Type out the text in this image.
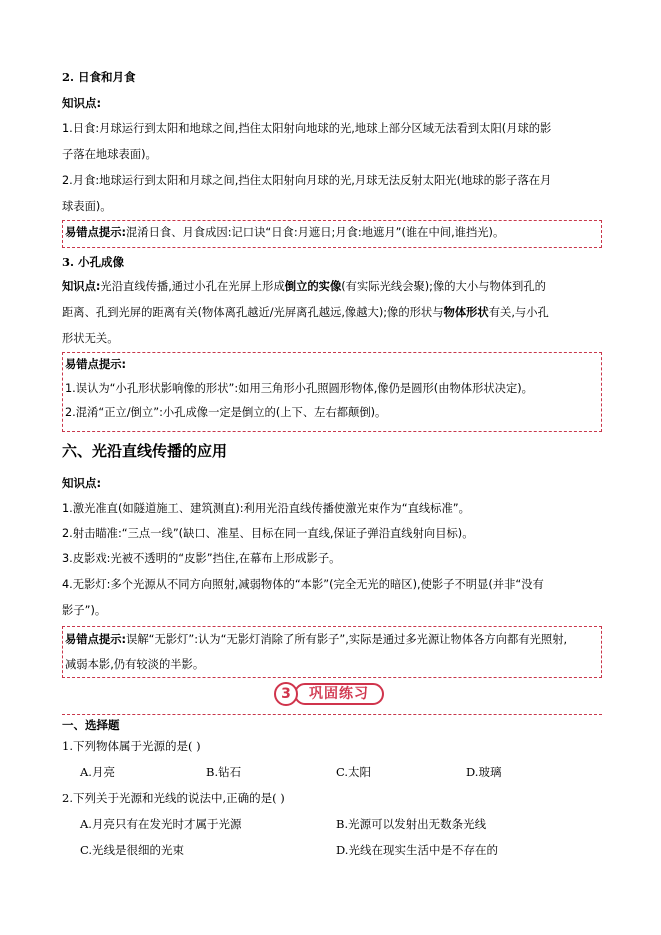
2. 日食和月食
知识点:
1.日食:月球运行到太阳和地球之间,挡住太阳射向地球的光,地球上部分区域无法看到太阳(月球的影
子落在地球表面)。
2.月食:地球运行到太阳和月球之间,挡住太阳射向月球的光,月球无法反射太阳光(地球的影子落在月
球表面)。
易错点提示:混淆日食、月食成因:记口诀“日食:月遮日;月食:地遮月”(谁在中间,谁挡光)。
3. 小孔成像
知识点:光沿直线传播,通过小孔在光屏上形成倒立的实像(有实际光线会聚);像的大小与物体到孔的
距离、孔到光屏的距离有关(物体离孔越近/光屏离孔越远,像越大);像的形状与物体形状有关,与小孔
形状无关。
易错点提示:
1.误认为“小孔形状影响像的形状”:如用三角形小孔照圆形物体,像仍是圆形(由物体形状决定)。
2.混淆“正立/倒立”:小孔成像一定是倒立的(上下、左右都颠倒)。
六、光沿直线传播的应用
知识点:
1.激光准直(如隧道施工、建筑测直):利用光沿直线传播使激光束作为“直线标准”。
2.射击瞄准:“三点一线”(缺口、准星、目标在同一直线,保证子弹沿直线射向目标)。
3.皮影戏:光被不透明的“皮影”挡住,在幕布上形成影子。
4.无影灯:多个光源从不同方向照射,减弱物体的“本影”(完全无光的暗区),使影子不明显(并非“没有
影子”)。
易错点提示:误解“无影灯”:认为“无影灯消除了所有影子”,实际是通过多光源让物体各方向都有光照射,
减弱本影,仍有较淡的半影。
巩固练习
3
一、选择题
1.下列物体属于光源的是( )
A.月亮	B.钻石	C.太阳	D.玻璃
2.下列关于光源和光线的说法中,正确的是( )
A.月亮只有在发光时才属于光源	B.光源可以发射出无数条光线
C.光线是很细的光束	D.光线在现实生活中是不存在的
